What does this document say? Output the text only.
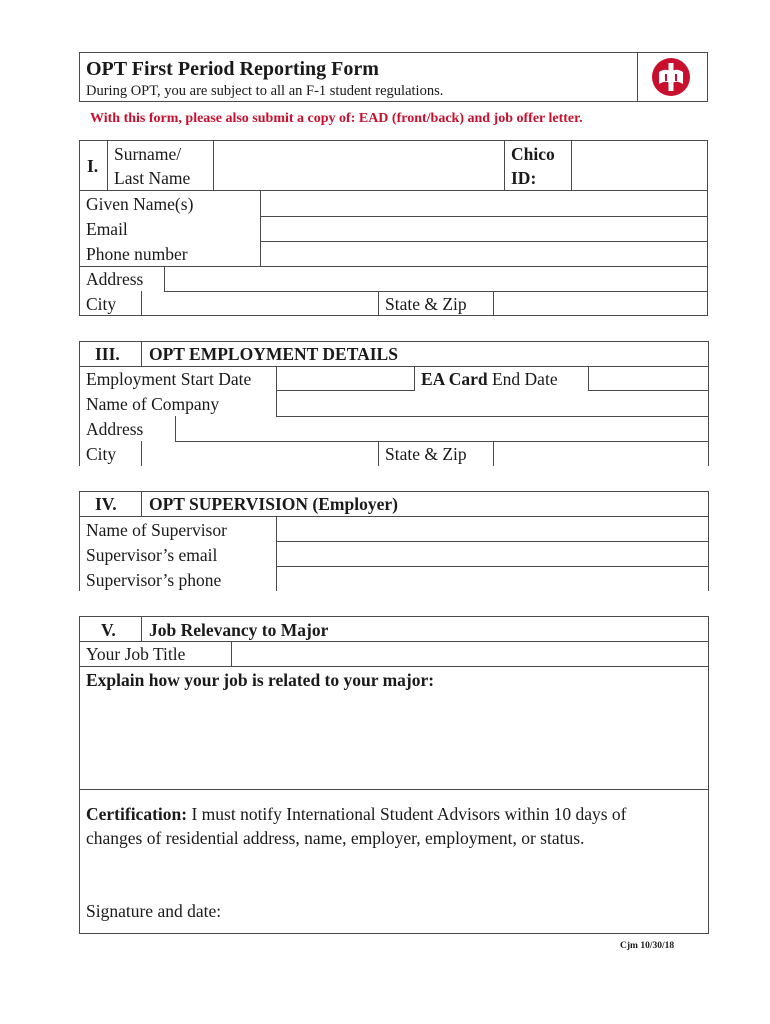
OPT First Period Reporting Form
During OPT, you are subject to all an F-1 student regulations.
With this form, please also submit a copy of: EAD (front/back) and job offer letter.
I.
Surname/
Last Name
Chico
ID:
Given Name(s)
Email
Phone number
Address
City	State & Zip
III. OPT EMPLOYMENT DETAILS
Employment Start Date	EA Card End Date
Name of Company
Address
City	State & Zip
IV. OPT SUPERVISION (Employer)
Name of Supervisor
Supervisor’s email
Supervisor’s phone
V. Job Relevancy to Major
Your Job Title
Explain how your job is related to your major:
Certification: I must notify International Student Advisors within 10 days of
changes of residential address, name, employer, employment, or status.
Signature and date:
Cjm 10/30/18
